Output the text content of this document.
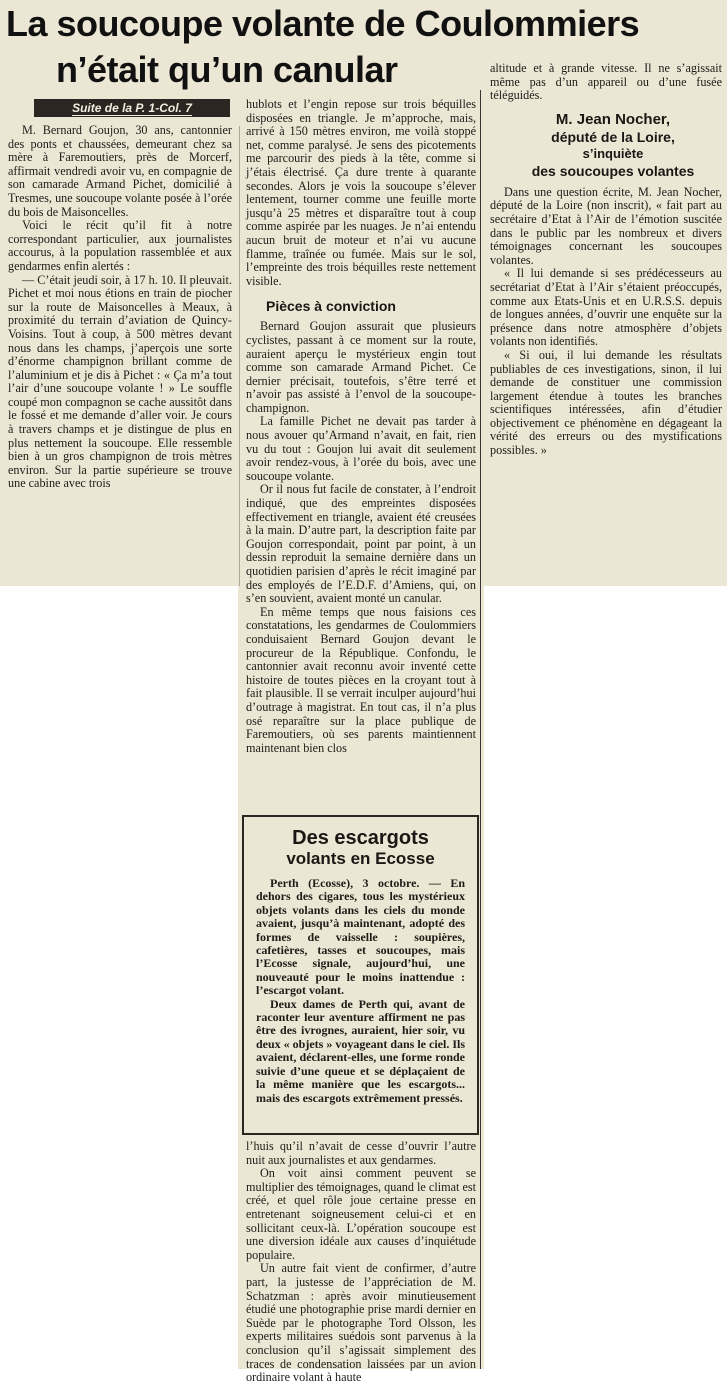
La soucoupe volante de Coulommiers
n’était qu’un canular
Suite de la P. 1-Col. 7

M. Bernard Goujon, 30 ans, cantonnier des ponts et chaussées, demeurant chez sa mère à Faremoutiers, près de Morcerf, affirmait vendredi avoir vu, en compagnie de son camarade Armand Pichet, domicilié à Tresmes, une soucoupe volante posée à l’orée du bois de Maisoncelles.

Voici le récit qu’il fit à notre correspondant particulier, aux journalistes accourus, à la population rassemblée et aux gendarmes enfin alertés :

— C’était jeudi soir, à 17 h. 10. Il pleuvait. Pichet et moi nous étions en train de piocher sur la route de Maisoncelles à Meaux, à proximité du terrain d’aviation de Quincy-Voisins. Tout à coup, à 500 mètres devant nous dans les champs, j’aperçois une sorte d’énorme champignon brillant comme de l’aluminium et je dis à Pichet : « Ça m’a tout l’air d’une soucoupe volante ! » Le souffle coupé mon compagnon se cache aussitôt dans le fossé et me demande d’aller voir. Je cours à travers champs et je distingue de plus en plus nettement la soucoupe. Elle ressemble bien à un gros champignon de trois mètres environ. Sur la partie supérieure se trouve une cabine avec trois

hublots et l’engin repose sur trois béquilles disposées en triangle. Je m’approche, mais, arrivé à 150 mètres environ, me voilà stoppé net, comme paralysé. Je sens des picotements me parcourir des pieds à la tête, comme si j’étais électrisé. Ça dure trente à quarante secondes. Alors je vois la soucoupe s’élever lentement, tourner comme une feuille morte jusqu’à 25 mètres et disparaître tout à coup comme aspirée par les nuages. Je n’ai entendu aucun bruit de moteur et n’ai vu aucune flamme, traînée ou fumée. Mais sur le sol, l’empreinte des trois béquilles reste nettement visible.

Pièces à conviction

Bernard Goujon assurait que plusieurs cyclistes, passant à ce moment sur la route, auraient aperçu le mystérieux engin tout comme son camarade Armand Pichet. Ce dernier précisait, toutefois, s’être terré et n’avoir pas assisté à l’envol de la soucoupe-champignon.

La famille Pichet ne devait pas tarder à nous avouer qu’Armand n’avait, en fait, rien vu du tout : Goujon lui avait dit seulement avoir rendez-vous, à l’orée du bois, avec une soucoupe volante.

Or il nous fut facile de constater, à l’endroit indiqué, que des empreintes disposées effectivement en triangle, avaient été creusées à la main. D’autre part, la description faite par Goujon correspondait, point par point, à un dessin reproduit la semaine dernière dans un quotidien parisien d’après le récit imaginé par des employés de l’E.D.F. d’Amiens, qui, on s’en souvient, avaient monté un canular.

En même temps que nous faisions ces constatations, les gendarmes de Coulommiers conduisaient Bernard Goujon devant le procureur de la République. Confondu, le cantonnier avait reconnu avoir inventé cette histoire de toutes pièces en la croyant tout à fait plausible. Il se verrait inculper aujourd’hui d’outrage à magistrat. En tout cas, il n’a plus osé reparaître sur la place publique de Faremoutiers, où ses parents maintiennent maintenant bien clos

Des escargots

volants en Ecosse

Perth (Ecosse), 3 octobre. — En dehors des cigares, tous les mystérieux objets volants dans les ciels du monde avaient, jusqu’à maintenant, adopté des formes de vaisselle : soupières, cafetières, tasses et soucoupes, mais l’Ecosse signale, aujourd’hui, une nouveauté pour le moins inattendue : l’escargot volant.

Deux dames de Perth qui, avant de raconter leur aventure affirment ne pas être des ivrognes, auraient, hier soir, vu deux « objets » voyageant dans le ciel. Ils avaient, déclarent-elles, une forme ronde suivie d’une queue et se déplaçaient de la même manière que les escargots... mais des escargots extrêmement pressés.

l’huis qu’il n’avait de cesse d’ouvrir l’autre nuit aux journalistes et aux gendarmes.

On voit ainsi comment peuvent se multiplier des témoignages, quand le climat est créé, et quel rôle joue certaine presse en entretenant soigneusement celui-ci et en sollicitant ceux-là. L’opération soucoupe est une diversion idéale aux causes d’inquiétude populaire.

Un autre fait vient de confirmer, d’autre part, la justesse de l’appréciation de M. Schatzman : après avoir minutieusement étudié une photographie prise mardi dernier en Suède par le photographe Tord Olsson, les experts militaires suédois sont parvenus à la conclusion qu’il s’agissait simplement des traces de condensation laissées par un avion ordinaire volant à haute

altitude et à grande vitesse. Il ne s’agissait même pas d’un appareil ou d’une fusée téléguidés.

M. Jean Nocher,

député de la Loire,

s’inquiète

des soucoupes volantes

Dans une question écrite, M. Jean Nocher, député de la Loire (non inscrit), « fait part au secrétaire d’Etat à l’Air de l’émotion suscitée dans le public par les nombreux et divers témoignages concernant les soucoupes volantes.

« Il lui demande si ses prédécesseurs au secrétariat d’Etat à l’Air s’étaient préoccupés, comme aux Etats-Unis et en U.R.S.S. depuis de longues années, d’ouvrir une enquête sur la présence dans notre atmosphère d’objets volants non identifiés.

« Si oui, il lui demande les résultats publiables de ces investigations, sinon, il lui demande de constituer une commission largement étendue à toutes les branches scientifiques intéressées, afin d’étudier objectivement ce phénomène en dégageant la vérité des erreurs ou des mystifications possibles. »
